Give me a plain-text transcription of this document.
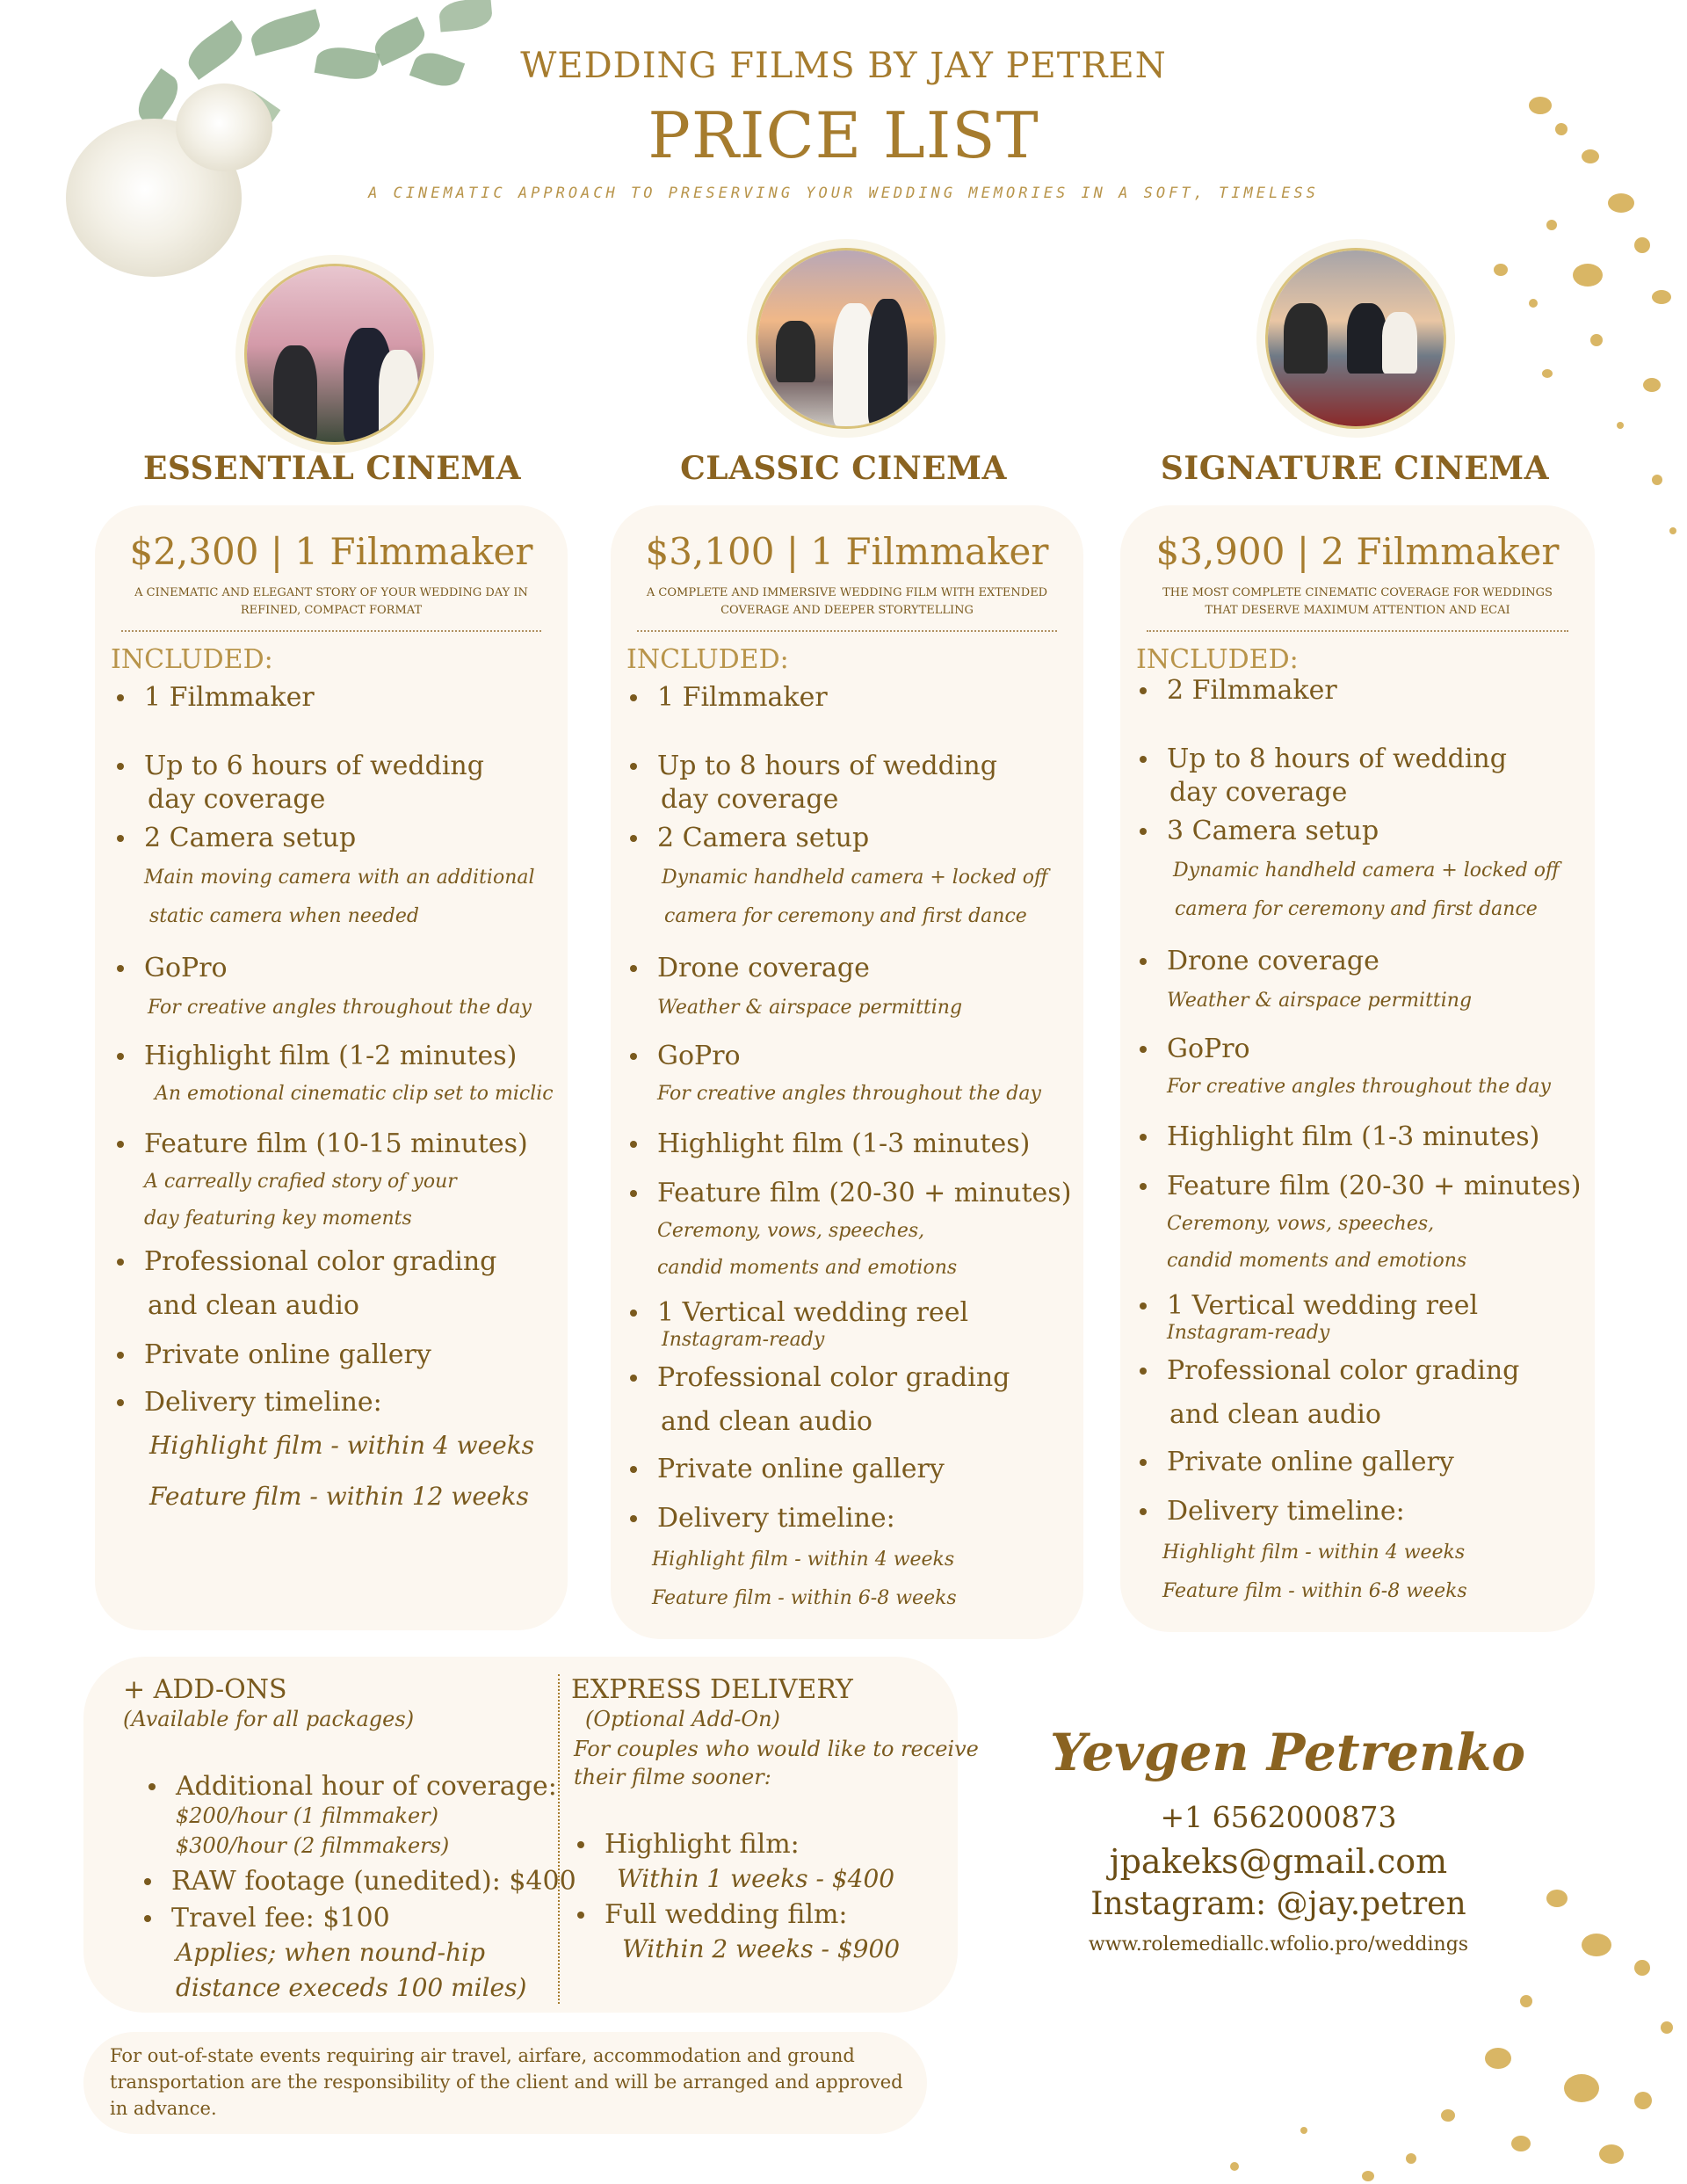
WEDDING FILMS BY JAY PETREN
PRICE LIST
A CINEMATIC APPROACH TO PRESERVING YOUR WEDDING MEMORIES IN A SOFT, TIMELESS
ESSENTIAL CINEMA	CLASSIC CINEMA	SIGNATURE CINEMA
$2,300 | 1 Filmmaker
A CINEMATIC AND ELEGANT STORY OF YOUR WEDDING DAY IN REFINED, COMPACT FORMAT
INCLUDED:
1 Filmmaker
Up to 6 hours of wedding
day coverage
2 Camera setup
Main moving camera with an additional
static camera when needed
GoPro
For creative angles throughout the day
Highlight film (1-2 minutes)
An emotional cinematic clip set to miclic
Feature film (10-15 minutes)
A carreally crafied story of your
day featuring key moments
Professional color grading
and clean audio
Private online gallery
Delivery timeline:
Highlight film - within 4 weeks
Feature film - within 12 weeks
$3,100 | 1 Filmmaker
A COMPLETE AND IMMERSIVE WEDDING FILM WITH EXTENDED COVERAGE AND DEEPER STORYTELLING
INCLUDED:
1 Filmmaker
Up to 8 hours of wedding
day coverage
2 Camera setup
Dynamic handheld camera + locked off
camera for ceremony and first dance
Drone coverage
Weather & airspace permitting
GoPro
For creative angles throughout the day
Highlight film (1-3 minutes)
Feature film (20-30 + minutes)
Ceremony, vows, speeches,
candid moments and emotions
1 Vertical wedding reel
Instagram-ready
Professional color grading
and clean audio
Private online gallery
Delivery timeline:
Highlight film - within 4 weeks
Feature film - within 6-8 weeks
$3,900 | 2 Filmmaker
THE MOST COMPLETE CINEMATIC COVERAGE FOR WEDDINGS THAT DESERVE MAXIMUM ATTENTION AND ECAI
INCLUDED:
2 Filmmaker
Up to 8 hours of wedding
day coverage
3 Camera setup
Dynamic handheld camera + locked off
camera for ceremony and first dance
Drone coverage
Weather & airspace permitting
GoPro
For creative angles throughout the day
Highlight film (1-3 minutes)
Feature film (20-30 + minutes)
Ceremony, vows, speeches,
candid moments and emotions
1 Vertical wedding reel
Instagram-ready
Professional color grading
and clean audio
Private online gallery
Delivery timeline:
Highlight film - within 4 weeks
Feature film - within 6-8 weeks
+ ADD-ONS
(Available for all packages)
Additional hour of coverage:
$200/hour (1 filmmaker)
$300/hour (2 filmmakers)
RAW footage (unedited): $400
Travel fee: $100
Applies; when nound-hip
distance execeds 100 miles)
EXPRESS DELIVERY
(Optional Add-On)
For couples who would like to receive
their filme sooner:
Highlight film:
Within 1 weeks - $400
Full wedding film:
Within 2 weeks - $900
Yevgen Petrenko
+1 6562000873
jpakeks@gmail.com
Instagram: @jay.petren
www.rolemediallc.wfolio.pro/weddings

For out-of-state events requiring air travel, airfare, accommodation and ground transportation are the responsibility of the client and will be arranged and approved in advance.
